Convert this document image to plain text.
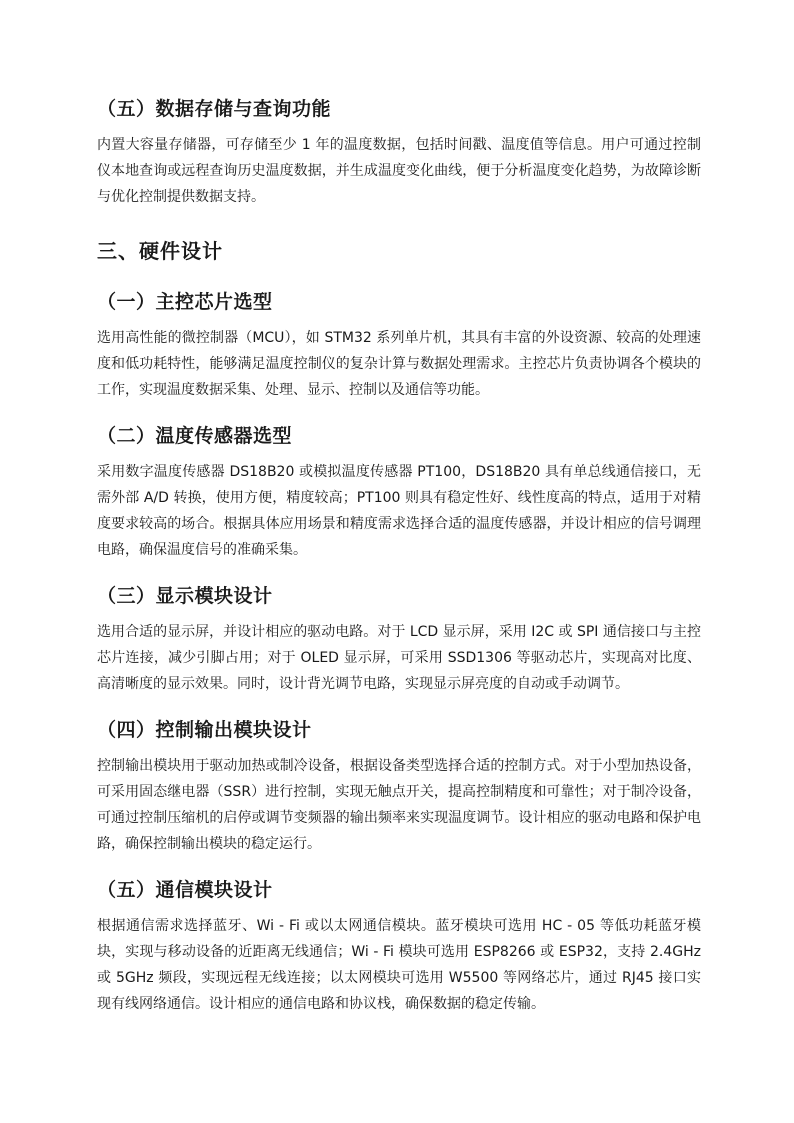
（五）数据存储与查询功能

内置大容量存储器，可存储至少 1 年的温度数据，包括时间戳、温度值等信息。用户可通过控制仪本地查询或远程查询历史温度数据，并生成温度变化曲线，便于分析温度变化趋势，为故障诊断与优化控制提供数据支持。

三、硬件设计
（一）主控芯片选型

选用高性能的微控制器（MCU），如 STM32 系列单片机，其具有丰富的外设资源、较高的处理速度和低功耗特性，能够满足温度控制仪的复杂计算与数据处理需求。主控芯片负责协调各个模块的工作，实现温度数据采集、处理、显示、控制以及通信等功能。

（二）温度传感器选型

采用数字温度传感器 DS18B20 或模拟温度传感器 PT100，DS18B20 具有单总线通信接口，无需外部 A/D 转换，使用方便，精度较高；PT100 则具有稳定性好、线性度高的特点，适用于对精度要求较高的场合。根据具体应用场景和精度需求选择合适的温度传感器，并设计相应的信号调理电路，确保温度信号的准确采集。

（三）显示模块设计

选用合适的显示屏，并设计相应的驱动电路。对于 LCD 显示屏，采用 I2C 或 SPI 通信接口与主控芯片连接，减少引脚占用；对于 OLED 显示屏，可采用 SSD1306 等驱动芯片，实现高对比度、高清晰度的显示效果。同时，设计背光调节电路，实现显示屏亮度的自动或手动调节。

（四）控制输出模块设计

控制输出模块用于驱动加热或制冷设备，根据设备类型选择合适的控制方式。对于小型加热设备，可采用固态继电器（SSR）进行控制，实现无触点开关，提高控制精度和可靠性；对于制冷设备，可通过控制压缩机的启停或调节变频器的输出频率来实现温度调节。设计相应的驱动电路和保护电路，确保控制输出模块的稳定运行。

（五）通信模块设计

根据通信需求选择蓝牙、Wi - Fi 或以太网通信模块。蓝牙模块可选用 HC - 05 等低功耗蓝牙模块，实现与移动设备的近距离无线通信；Wi - Fi 模块可选用 ESP8266 或 ESP32，支持 2.4GHz 或 5GHz 频段，实现远程无线连接；以太网模块可选用 W5500 等网络芯片，通过 RJ45 接口实现有线网络通信。设计相应的通信电路和协议栈，确保数据的稳定传输。
